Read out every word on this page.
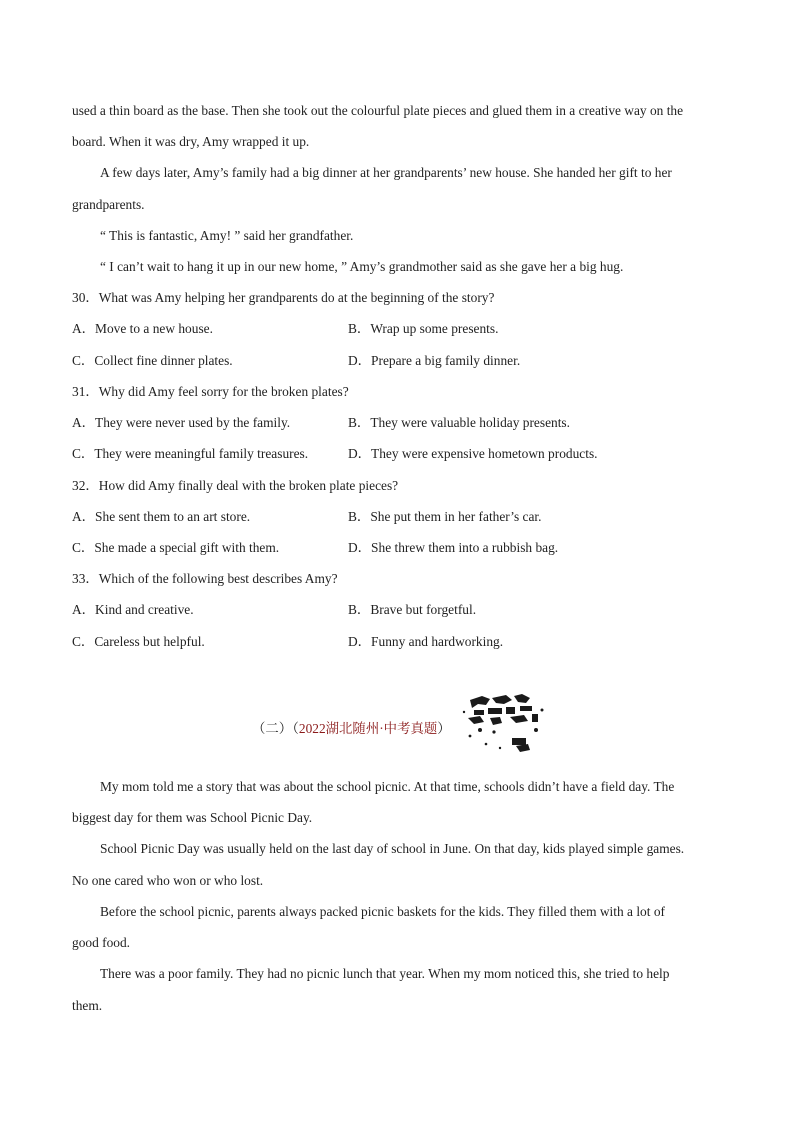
used a thin board as the base. Then she took out the colourful plate pieces and glued them in a creative way on the
board. When it was dry, Amy wrapped it up.
A few days later, Amy’s family had a big dinner at her grandparents’ new house. She handed her gift to her
grandparents.
“ This is fantastic, Amy! ” said her grandfather.
“ I can’t wait to hang it up in our new home, ” Amy’s grandmother said as she gave her a big hug.
30．What was Amy helping her grandparents do at the beginning of the story?
A．Move to a new house.	B．Wrap up some presents.
C．Collect fine dinner plates.	D．Prepare a big family dinner.
31．Why did Amy feel sorry for the broken plates?
A．They were never used by the family.	B．They were valuable holiday presents.
C．They were meaningful family treasures.	D．They were expensive hometown products.
32．How did Amy finally deal with the broken plate pieces?
A．She sent them to an art store.	B．She put them in her father’s car.
C．She made a special gift with them.	D．She threw them into a rubbish bag.
33．Which of the following best describes Amy?
A．Kind and creative.	B．Brave but forgetful.
C．Careless but helpful.	D．Funny and hardworking.
（二）（2022湖北随州·中考真题）
My mom told me a story that was about the school picnic. At that time, schools didn’t have a field day. The
biggest day for them was School Picnic Day.
School Picnic Day was usually held on the last day of school in June. On that day, kids played simple games.
No one cared who won or who lost.
Before the school picnic, parents always packed picnic baskets for the kids. They filled them with a lot of
good food.
There was a poor family. They had no picnic lunch that year. When my mom noticed this, she tried to help
them.
